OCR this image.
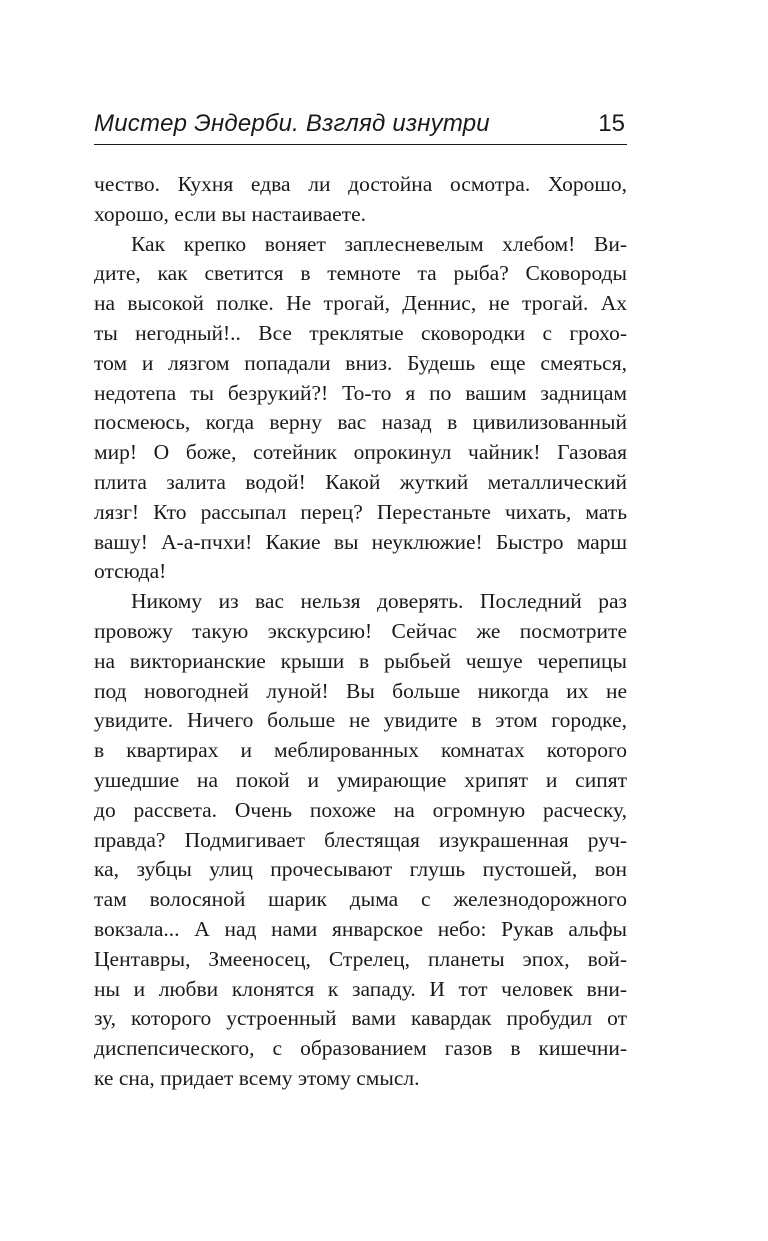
Мистер Эндерби. Взгляд изнутри	15

чество. Кухня едва ли достойна осмотра. Хорошо,
хорошо, если вы настаиваете.

Как крепко воняет заплесневелым хлебом! Ви-
дите, как светится в темноте та рыба? Сковороды
на высокой полке. Не трогай, Деннис, не трогай. Ах
ты негодный!.. Все треклятые сковородки с грохо-
том и лязгом попадали вниз. Будешь еще смеяться,
недотепа ты безрукий?! То-то я по вашим задницам
посмеюсь, когда верну вас назад в цивилизованный
мир! О боже, сотейник опрокинул чайник! Газовая
плита залита водой! Какой жуткий металлический
лязг! Кто рассыпал перец? Перестаньте чихать, мать
вашу! А-а-пчхи! Какие вы неуклюжие! Быстро марш
отсюда!

Никому из вас нельзя доверять. Последний раз
провожу такую экскурсию! Сейчас же посмотрите
на викторианские крыши в рыбьей чешуе черепицы
под новогодней луной! Вы больше никогда их не
увидите. Ничего больше не увидите в этом городке,
в квартирах и меблированных комнатах которого
ушедшие на покой и умирающие хрипят и сипят
до рассвета. Очень похоже на огромную расческу,
правда? Подмигивает блестящая изукрашенная руч-
ка, зубцы улиц прочесывают глушь пустошей, вон
там волосяной шарик дыма с железнодорожного
вокзала... А над нами январское небо: Рукав альфы
Центавры, Змееносец, Стрелец, планеты эпох, вой-
ны и любви клонятся к западу. И тот человек вни-
зу, которого устроенный вами кавардак пробудил от
диспепсического, с образованием газов в кишечни-
ке сна, придает всему этому смысл.
